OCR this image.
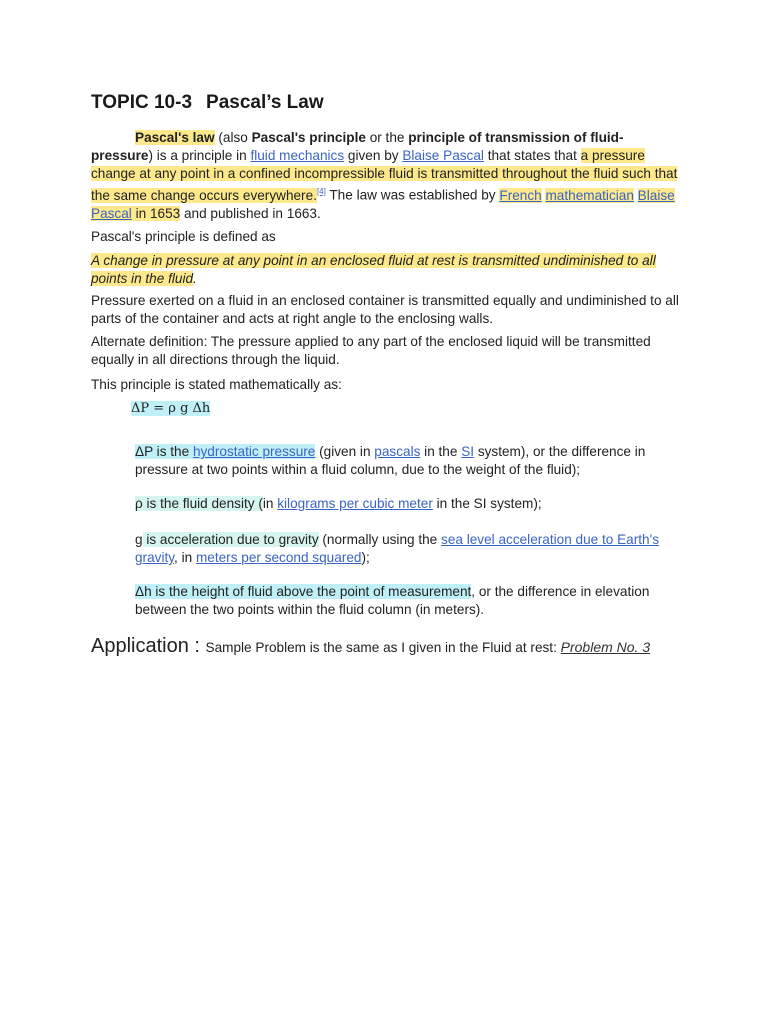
TOPIC 10-3 Pascal’s Law
Pascal's law (also Pascal's principle or the principle of transmission of fluid-pressure) is a principle in fluid mechanics given by Blaise Pascal that states that a pressure change at any point in a confined incompressible fluid is transmitted throughout the fluid such that the same change occurs everywhere.[4] The law was established by French mathematician Blaise Pascal in 1653 and published in 1663.
Pascal's principle is defined as
A change in pressure at any point in an enclosed fluid at rest is transmitted undiminished to all points in the fluid.
Pressure exerted on a fluid in an enclosed container is transmitted equally and undiminished to all parts of the container and acts at right angle to the enclosing walls.
Alternate definition: The pressure applied to any part of the enclosed liquid will be transmitted equally in all directions through the liquid.
This principle is stated mathematically as:
ΔP = ρ g Δh
ΔP is the hydrostatic pressure (given in pascals in the SI system), or the difference in pressure at two points within a fluid column, due to the weight of the fluid);
ρ is the fluid density (in kilograms per cubic meter in the SI system);
g is acceleration due to gravity (normally using the sea level acceleration due to Earth's gravity, in meters per second squared);
Δh is the height of fluid above the point of measurement, or the difference in elevation between the two points within the fluid column (in meters).
Application : Sample Problem is the same as I given in the Fluid at rest: Problem No. 3
